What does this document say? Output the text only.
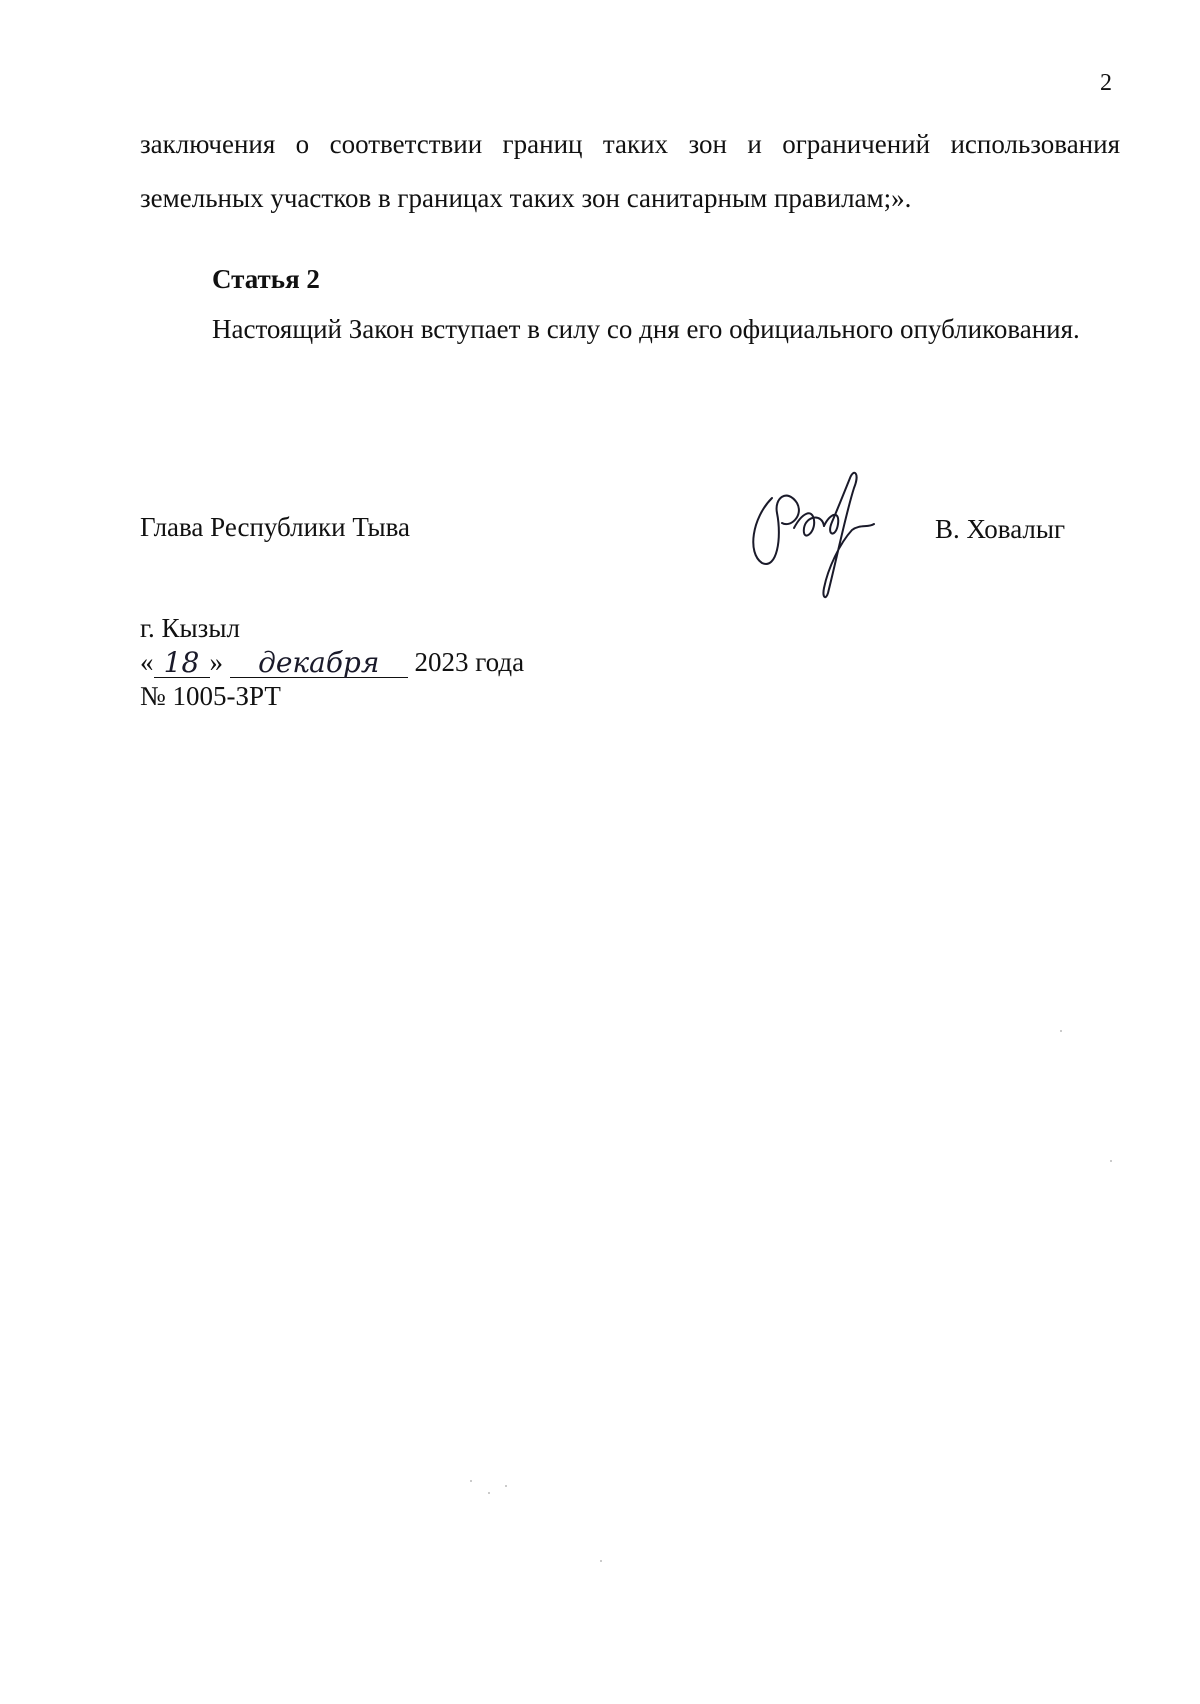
2
заключения о соответствии границ таких зон и ограничений использования земельных участков в границах таких зон санитарным правилам;».
Статья 2
Настоящий Закон вступает в силу со дня его официального опубликования.
Глава Республики Тыва	В. Ховалыг
г. Кызыл
« 18 »	декабря	2023 года
№ 1005-ЗРТ
